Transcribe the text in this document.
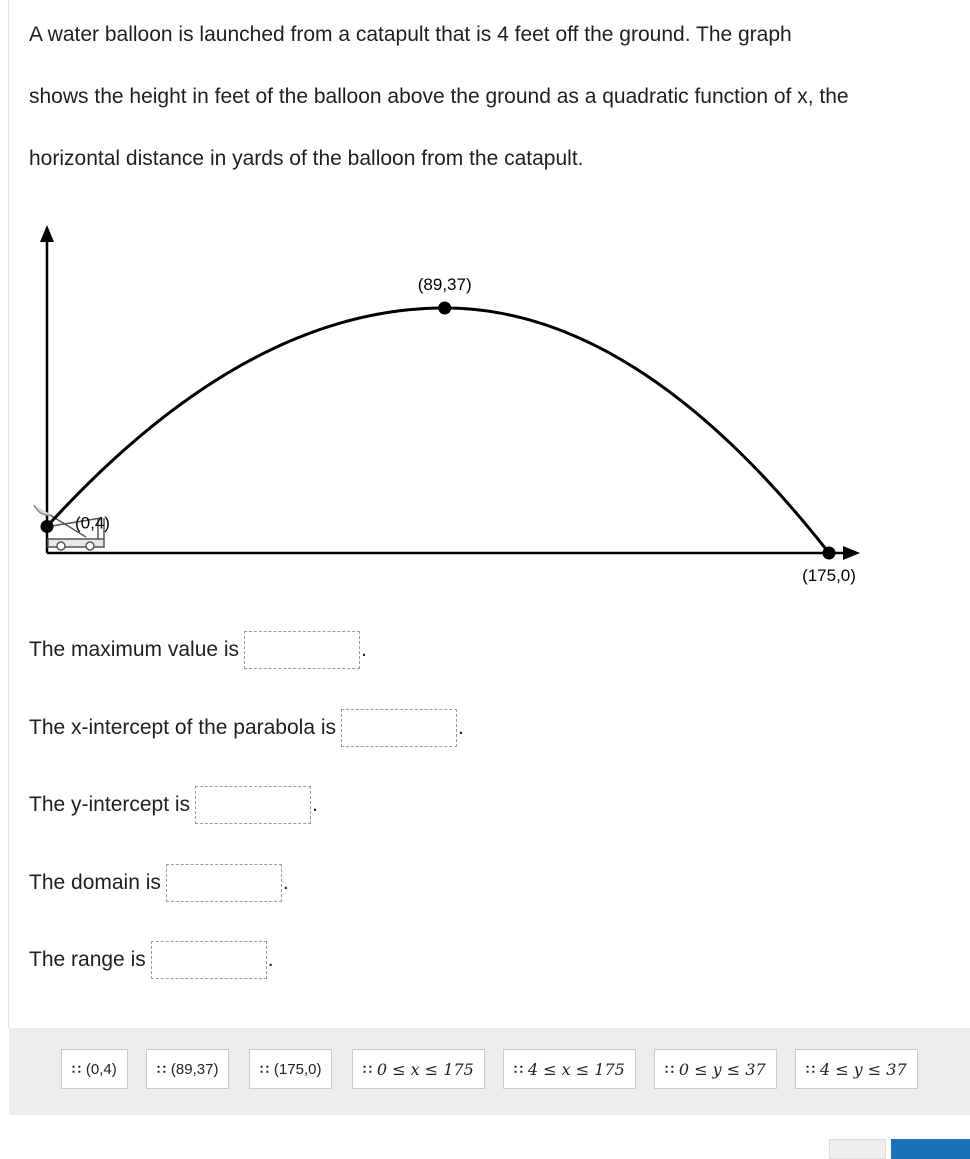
A water balloon is launched from a catapult that is 4 feet off the ground. The graph
shows the height in feet of the balloon above the ground as a quadratic function of x, the
horizontal distance in yards of the balloon from the catapult.

(0,4)
(89,37)
(175,0)
The maximum value is	.
The x-intercept of the parabola is	.
The y-intercept is	.
The domain is	.
The range is	.
∷ (0,4)	∷ (89,37)	∷ (175,0)	∷ 0 ≤ x ≤ 175	∷ 4 ≤ x ≤ 175	∷ 0 ≤ y ≤ 37	∷ 4 ≤ y ≤ 37
